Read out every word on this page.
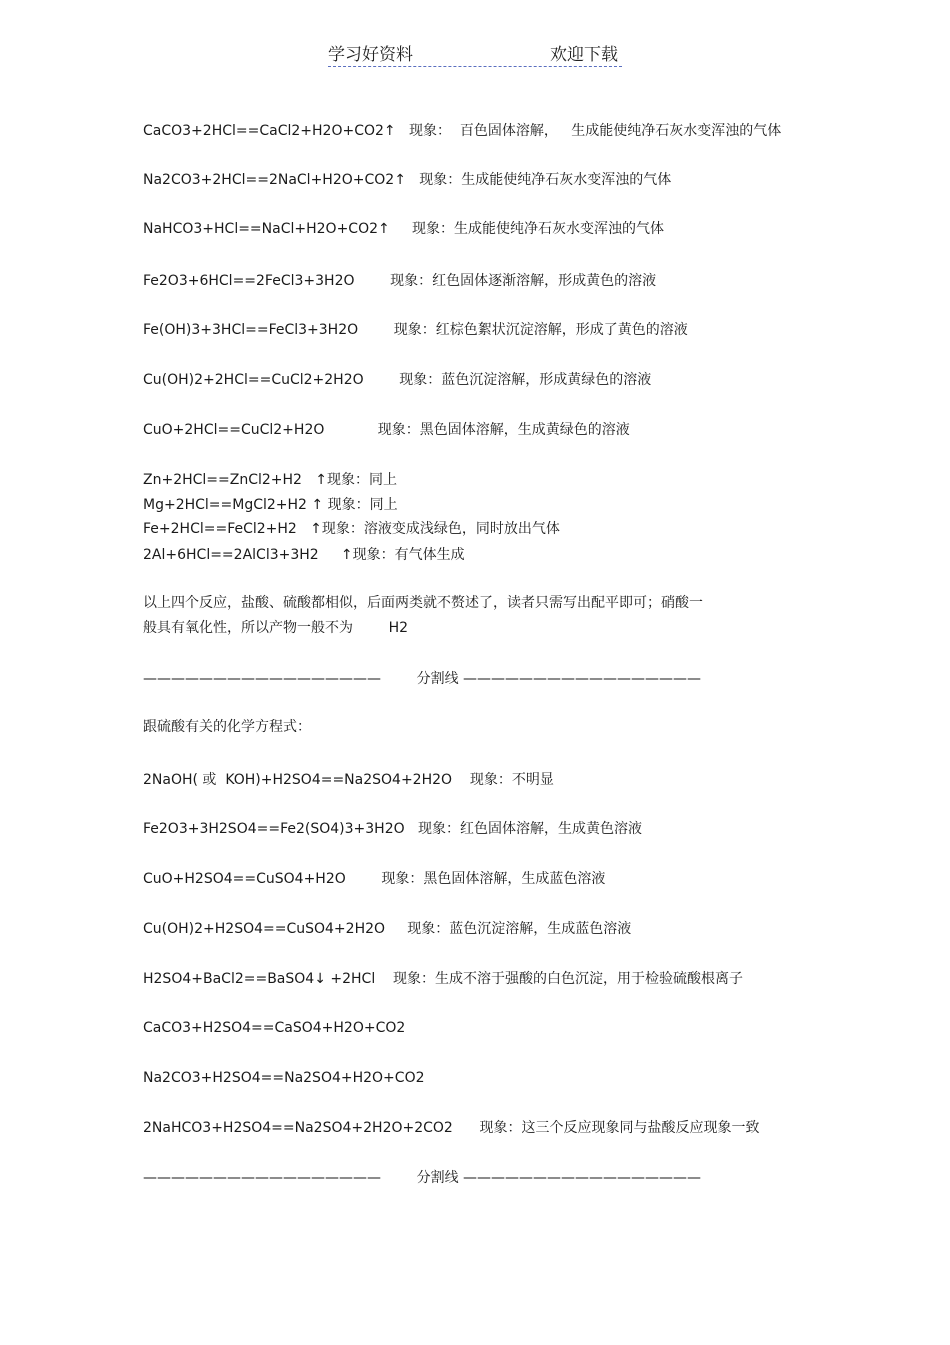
学习好资料	欢迎下载
CaCO3+2HCl==CaCl2+H2O+CO2↑   现象：  百色固体溶解，   生成能使纯净石灰水变浑浊的气体
Na2CO3+2HCl==2NaCl+H2O+CO2↑   现象：生成能使纯净石灰水变浑浊的气体
NaHCO3+HCl==NaCl+H2O+CO2↑     现象：生成能使纯净石灰水变浑浊的气体
Fe2O3+6HCl==2FeCl3+3H2O        现象：红色固体逐渐溶解，形成黄色的溶液
Fe(OH)3+3HCl==FeCl3+3H2O        现象：红棕色絮状沉淀溶解，形成了黄色的溶液
Cu(OH)2+2HCl==CuCl2+2H2O        现象：蓝色沉淀溶解，形成黄绿色的溶液
CuO+2HCl==CuCl2+H2O            现象：黑色固体溶解，生成黄绿色的溶液
Zn+2HCl==ZnCl2+H2   ↑现象：同上
Mg+2HCl==MgCl2+H2 ↑ 现象：同上
Fe+2HCl==FeCl2+H2   ↑现象：溶液变成浅绿色，同时放出气体
2Al+6HCl==2AlCl3+3H2     ↑现象：有气体生成
以上四个反应，盐酸、硫酸都相似，后面两类就不赘述了，读者只需写出配平即可；硝酸一
般具有氧化性，所以产物一般不为        H2
—————————————————        分割线 —————————————————
跟硫酸有关的化学方程式：
2NaOH( 或  KOH)+H2SO4==Na2SO4+2H2O    现象：不明显
Fe2O3+3H2SO4==Fe2(SO4)3+3H2O   现象：红色固体溶解，生成黄色溶液
CuO+H2SO4==CuSO4+H2O        现象：黑色固体溶解，生成蓝色溶液
Cu(OH)2+H2SO4==CuSO4+2H2O     现象：蓝色沉淀溶解，生成蓝色溶液
H2SO4+BaCl2==BaSO4↓ +2HCl    现象：生成不溶于强酸的白色沉淀，用于检验硫酸根离子
CaCO3+H2SO4==CaSO4+H2O+CO2
Na2CO3+H2SO4==Na2SO4+H2O+CO2
2NaHCO3+H2SO4==Na2SO4+2H2O+2CO2      现象：这三个反应现象同与盐酸反应现象一致
—————————————————        分割线 —————————————————
